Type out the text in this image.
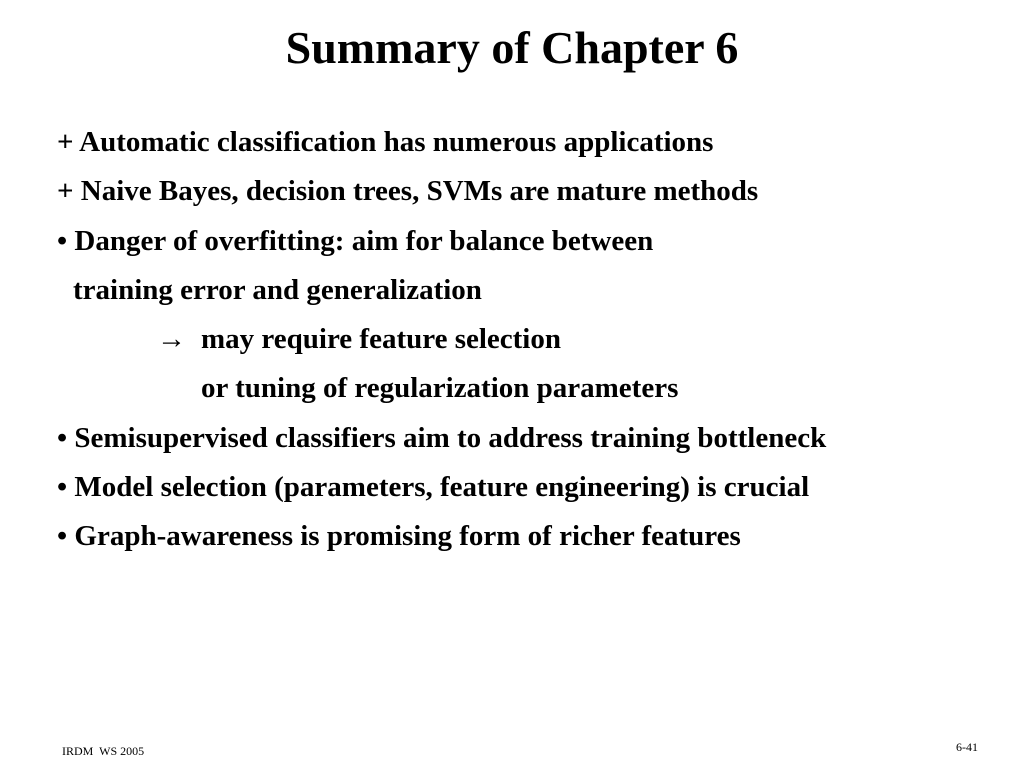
Summary of Chapter 6
+ Automatic classification has numerous applications
+ Naive Bayes, decision trees, SVMs are mature methods
• Danger of overfitting: aim for balance between
training error and generalization
→ may require feature selection
or tuning of regularization parameters
• Semisupervised classifiers aim to address training bottleneck
• Model selection (parameters, feature engineering) is crucial
• Graph-awareness is promising form of richer features
IRDM  WS 2005	6-41
